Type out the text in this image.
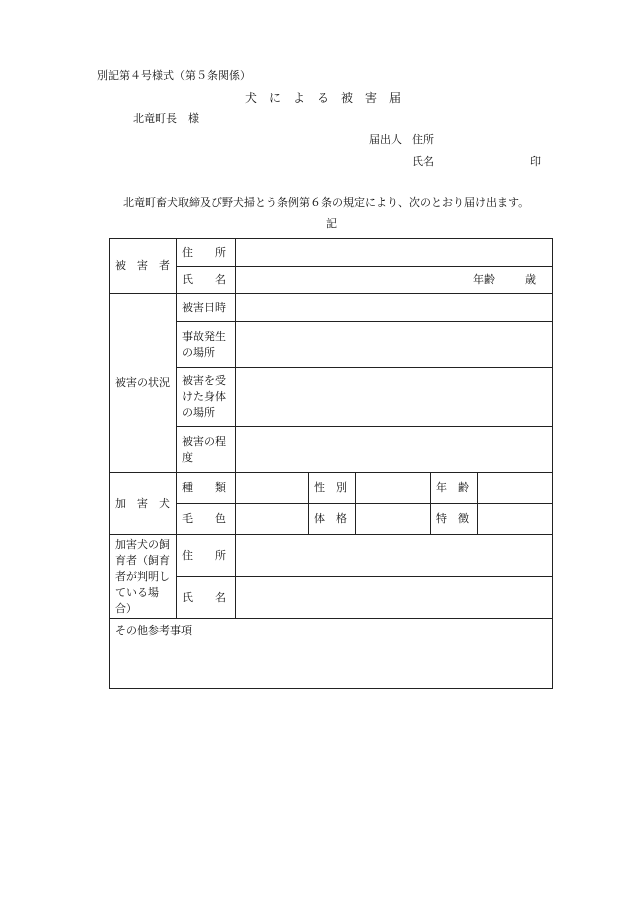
別記第４号様式（第５条関係）
犬　に　よ　る　被　害　届
北竜町長　様
届出人 住所
氏名	印
北竜町畜犬取締及び野犬掃とう条例第６条の規定により、次のとおり届け出ます。
記
被　害　者	住　　所					
	氏　　名	年齢 歳				
被害の状況	被害日時					
	事故発生の場所					
	被害を受けた身体の場所					
	被害の程度					
加　害　犬	種　　類		性　別		年　齢	
	毛　　色		体　格		特　徴	
加害犬の飼育者（飼育者が判明している場合）	住　　所					
	氏　　名					
その他参考事項						
